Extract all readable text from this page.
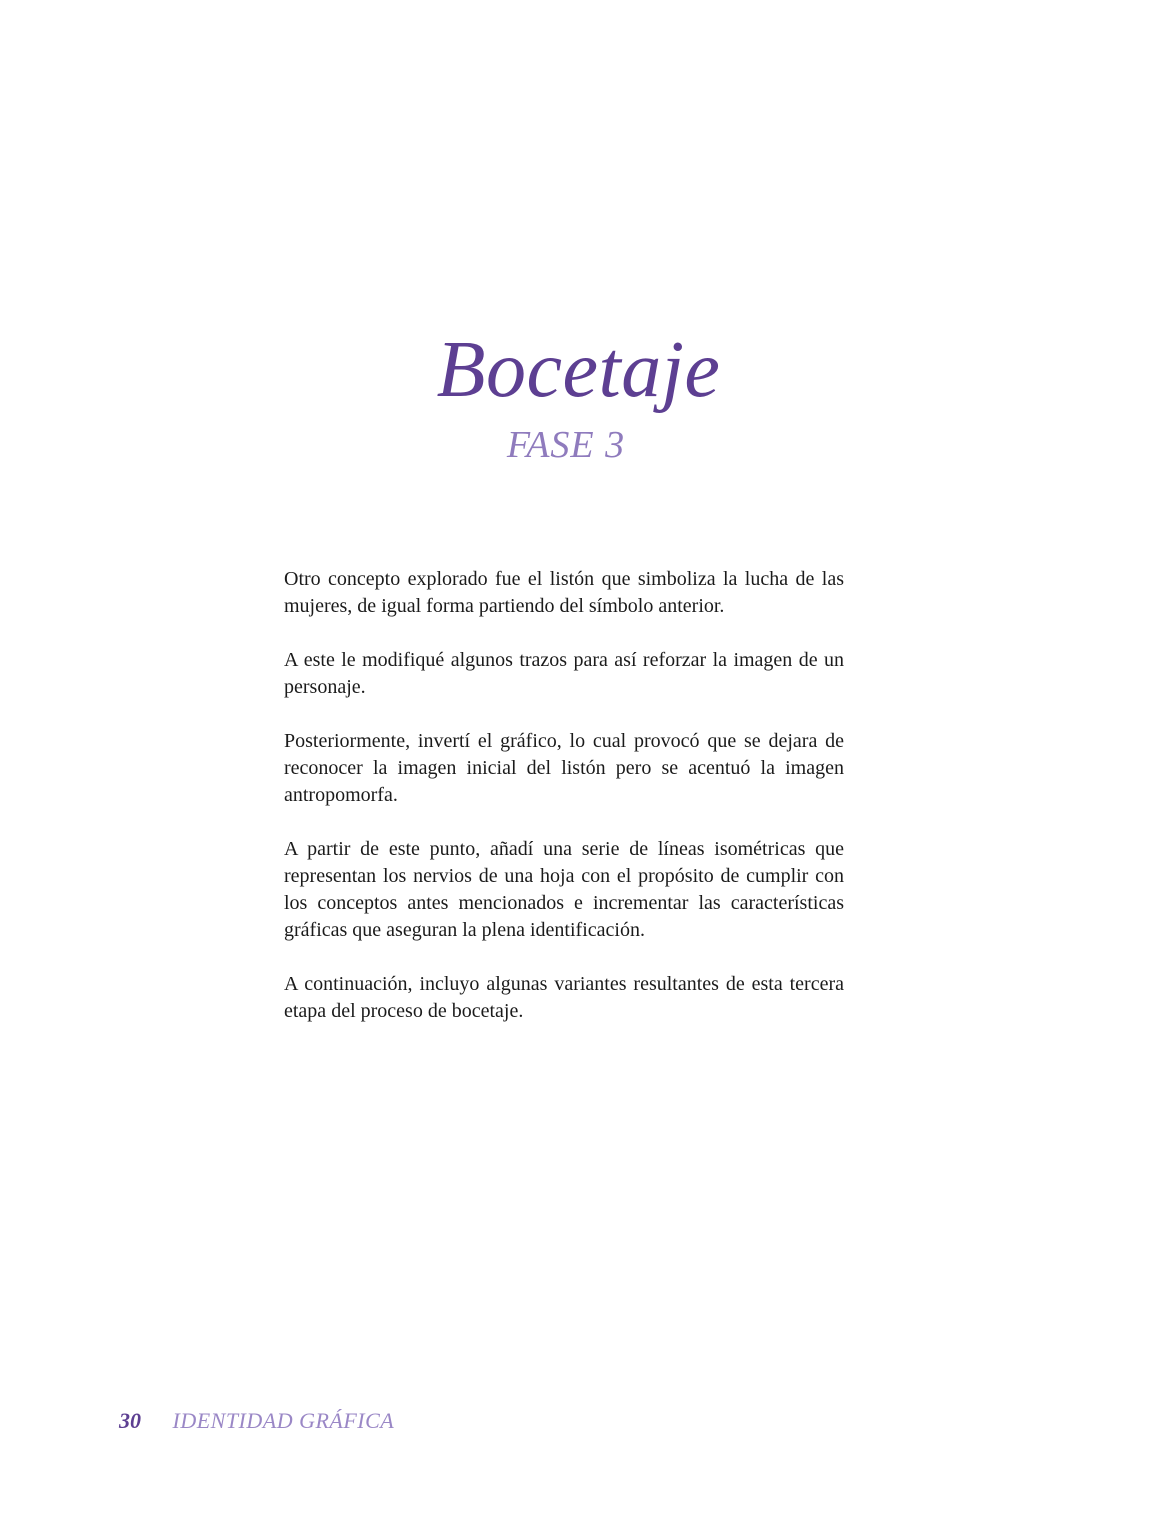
Bocetaje
FASE 3

Otro concepto explorado fue el listón que simboliza la lucha de las mujeres, de igual forma partiendo del símbolo anterior.

A este le modifiqué algunos trazos para así reforzar la imagen de un personaje.

Posteriormente, invertí el gráfico, lo cual provocó que se dejara de reconocer la imagen inicial del listón pero se acentuó la imagen antropomorfa.

A partir de este punto, añadí una serie de líneas isométricas que representan los nervios de una hoja con el propósito de cumplir con los conceptos antes mencionados e incrementar las características gráficas que aseguran la plena identificación.

A continuación, incluyo algunas variantes resultantes de esta tercera etapa del proceso de bocetaje.

30 IDENTIDAD GRÁFICA
